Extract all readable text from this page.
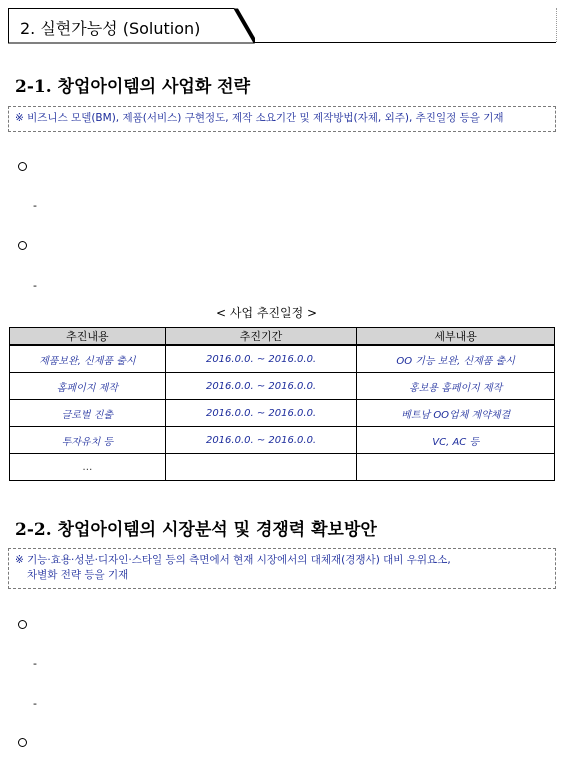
2. 실현가능성 (Solution)
2-1. 창업아이템의 사업화 전략
※ 비즈니스 모델(BM), 제품(서비스) 구현정도, 제작 소요기간 및 제작방법(자체, 외주), 추진일정 등을 기재
-
-
< 사업 추진일정 >
추진내용	추진기간	세부내용
제품보완, 신제품 출시	2016.0.0. ~ 2016.0.0.	OO 기능 보완, 신제품 출시
홈페이지 제작	2016.0.0. ~ 2016.0.0.	홍보용 홈페이지 제작
글로벌 진출	2016.0.0. ~ 2016.0.0.	베트남 OO업체 계약체결
투자유치 등	2016.0.0. ~ 2016.0.0.	VC, AC 등
…		
2-2. 창업아이템의 시장분석 및 경쟁력 확보방안
※ 기능·효용·성분·디자인·스타일 등의 측면에서 현재 시장에서의 대체재(경쟁사) 대비 우위요소,
차별화 전략 등을 기재
-
-
